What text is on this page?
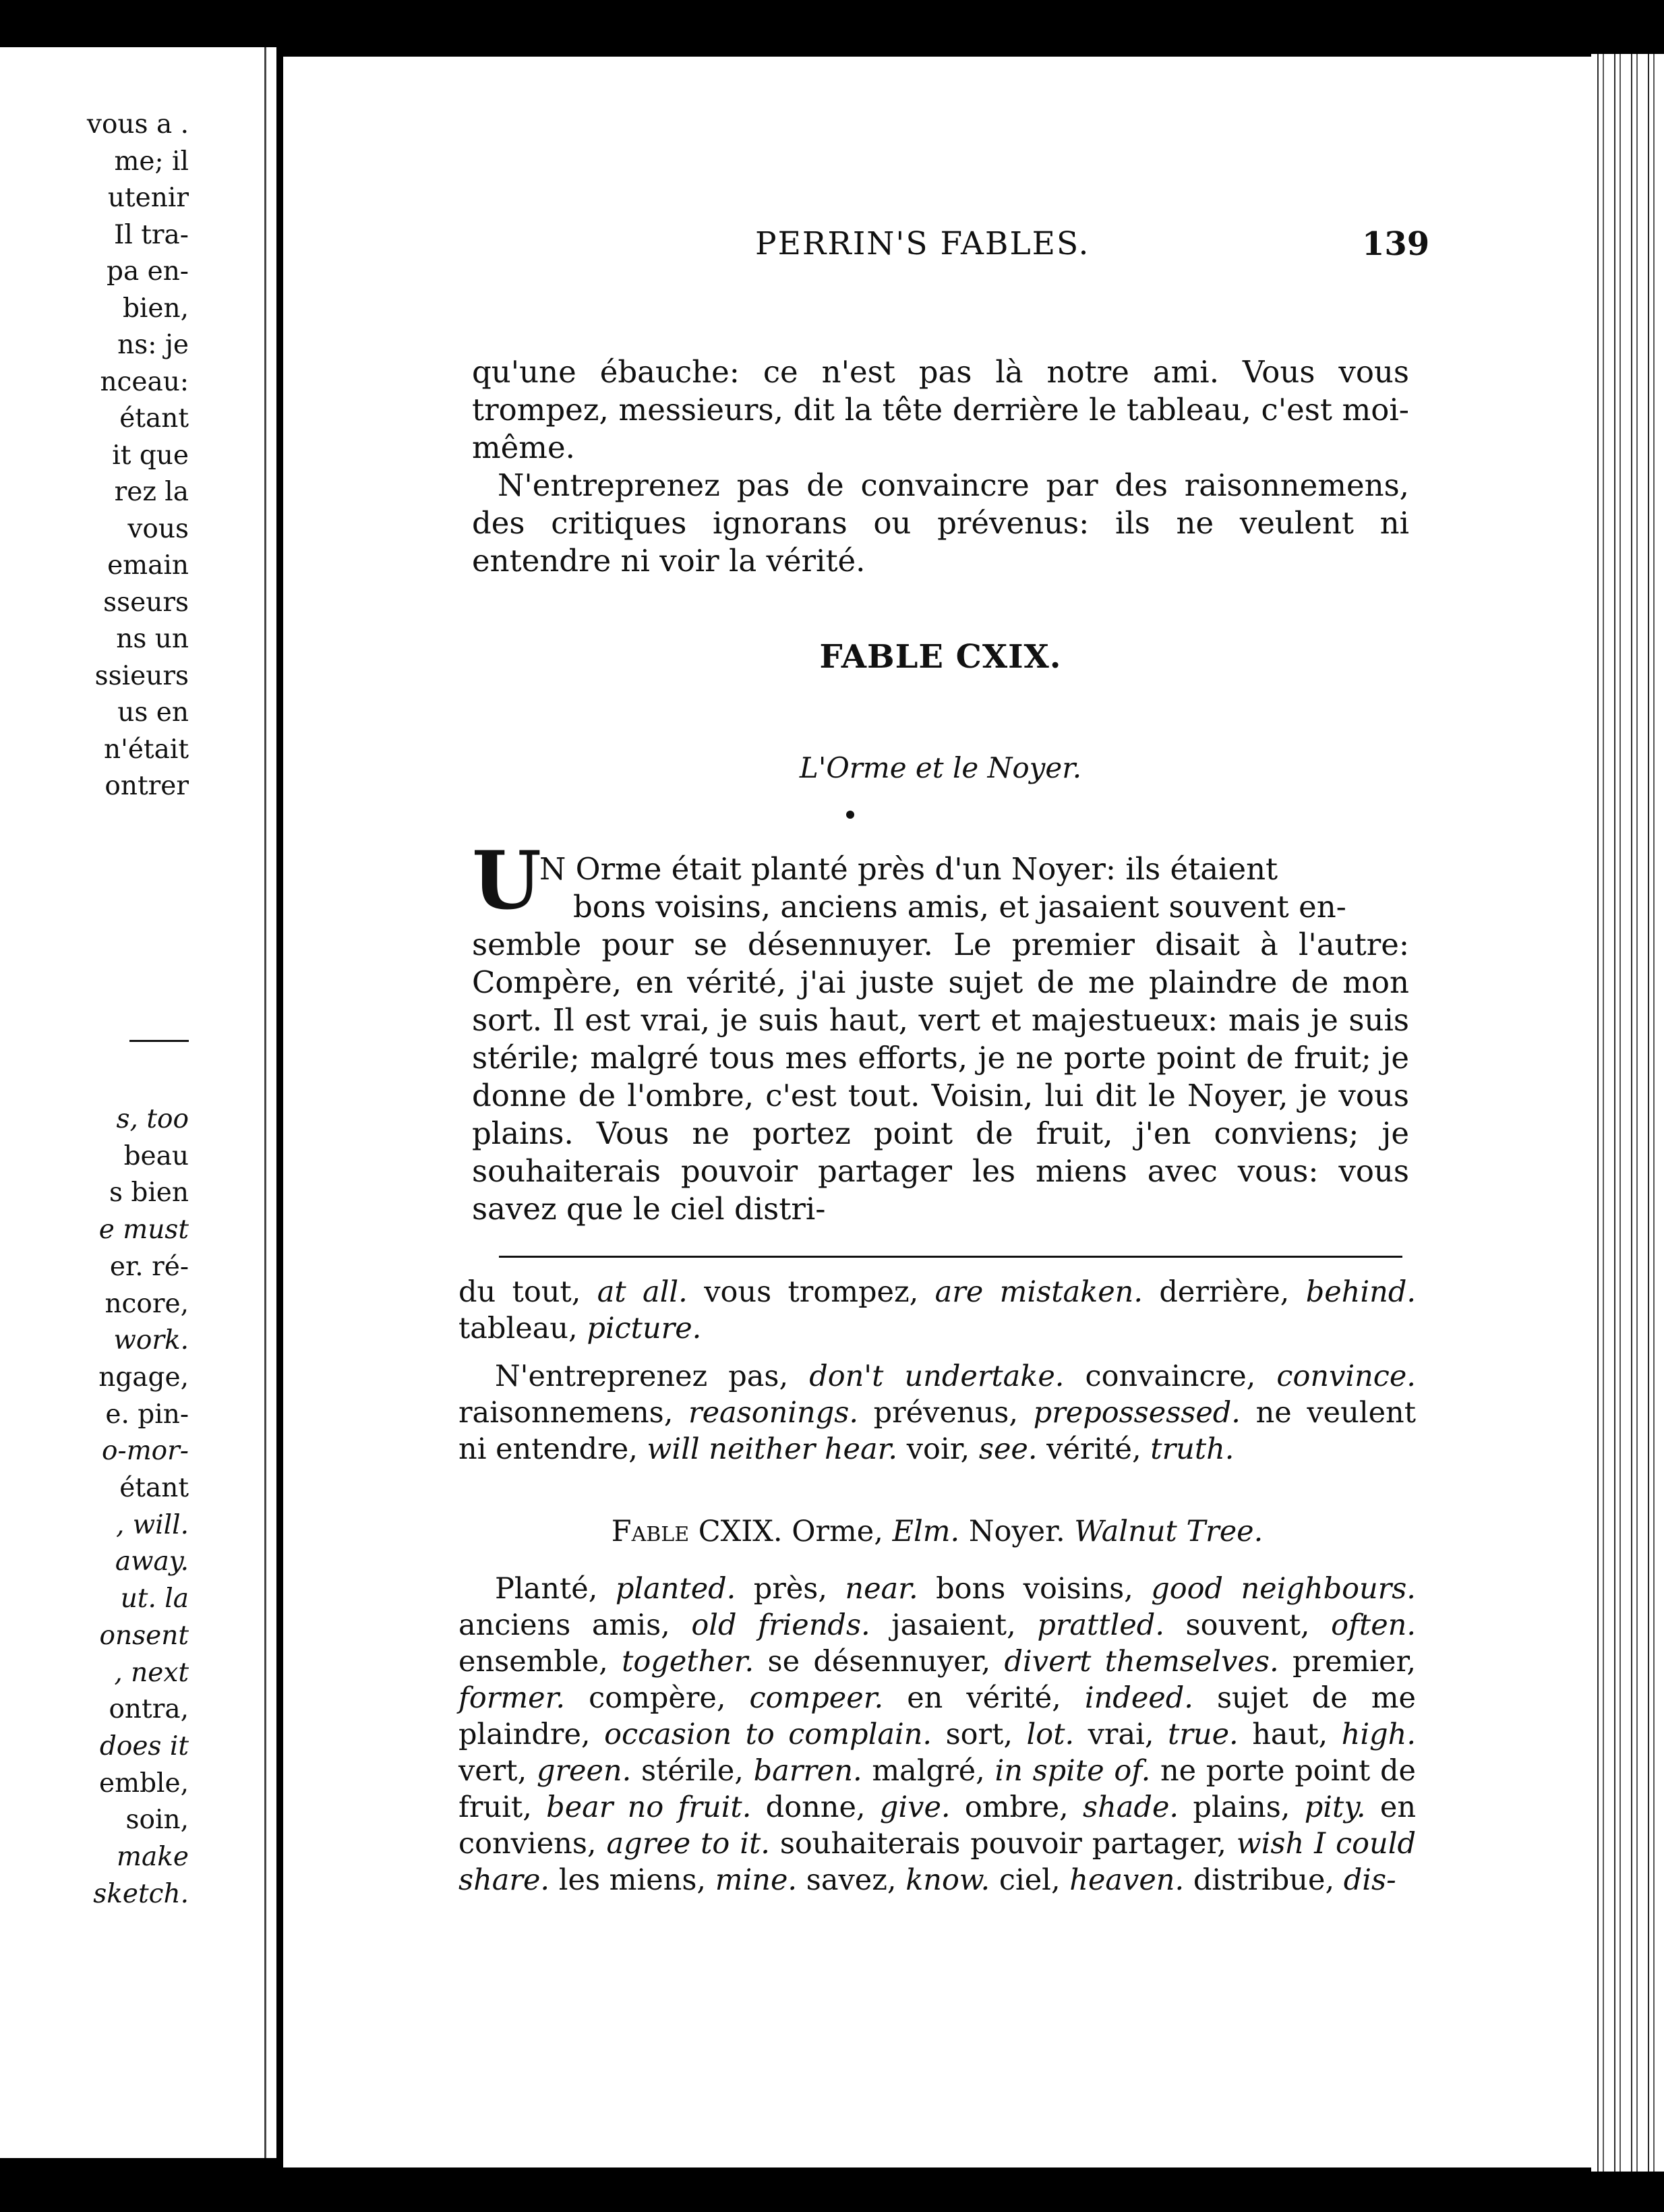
vous a .
me; il
utenir
Il tra-
pa en-
bien,
ns: je
nceau:
étant
it que
rez la
vous
emain
sseurs
ns un
ssieurs
us en
n'était
ontrer
s, too
beau
s bien
e must
er. ré-
ncore,
work.
ngage,
e. pin-
o-mor-
étant
, will.
away.
ut. la
onsent
, next
ontra,
does it
emble,
soin,
make
sketch.
PERRIN'S FABLES.	139

qu'une ébauche: ce n'est pas là notre ami. Vous vous trompez, messieurs, dit la tête derrière le tableau, c'est moi-même.

N'entreprenez pas de convaincre par des raisonnemens, des critiques ignorans ou prévenus: ils ne veulent ni entendre ni voir la vérité.

FABLE CXIX.
L'Orme et le Noyer.
U
N Orme était planté près d'un Noyer: ils étaient

bons voisins, anciens amis, et jasaient souvent en-

semble pour se désennuyer. Le premier disait à l'autre: Compère, en vérité, j'ai juste sujet de me plaindre de mon sort. Il est vrai, je suis haut, vert et majestueux: mais je suis stérile; malgré tous mes efforts, je ne porte point de fruit; je donne de l'ombre, c'est tout. Voisin, lui dit le Noyer, je vous plains. Vous ne portez point de fruit, j'en conviens; je souhaiterais pouvoir partager les miens avec vous: vous savez que le ciel distri-

du tout, at all. vous trompez, are mistaken. derrière, behind. tableau, picture.

N'entreprenez pas, don't undertake. convaincre, convince. raisonnemens, reasonings. prévenus, prepossessed. ne veulent ni entendre, will neither hear. voir, see. vérité, truth.

Fable CXIX. Orme, Elm. Noyer. Walnut Tree.

Planté, planted. près, near. bons voisins, good neighbours. anciens amis, old friends. jasaient, prattled. souvent, often. ensemble, together. se désennuyer, divert themselves. premier, former. compère, compeer. en vérité, indeed. sujet de me plaindre, occasion to complain. sort, lot. vrai, true. haut, high. vert, green. stérile, barren. malgré, in spite of. ne porte point de fruit, bear no fruit. donne, give. ombre, shade. plains, pity. en conviens, agree to it. souhaiterais pouvoir partager, wish I could share. les miens, mine. savez, know. ciel, heaven. distribue, dis-
